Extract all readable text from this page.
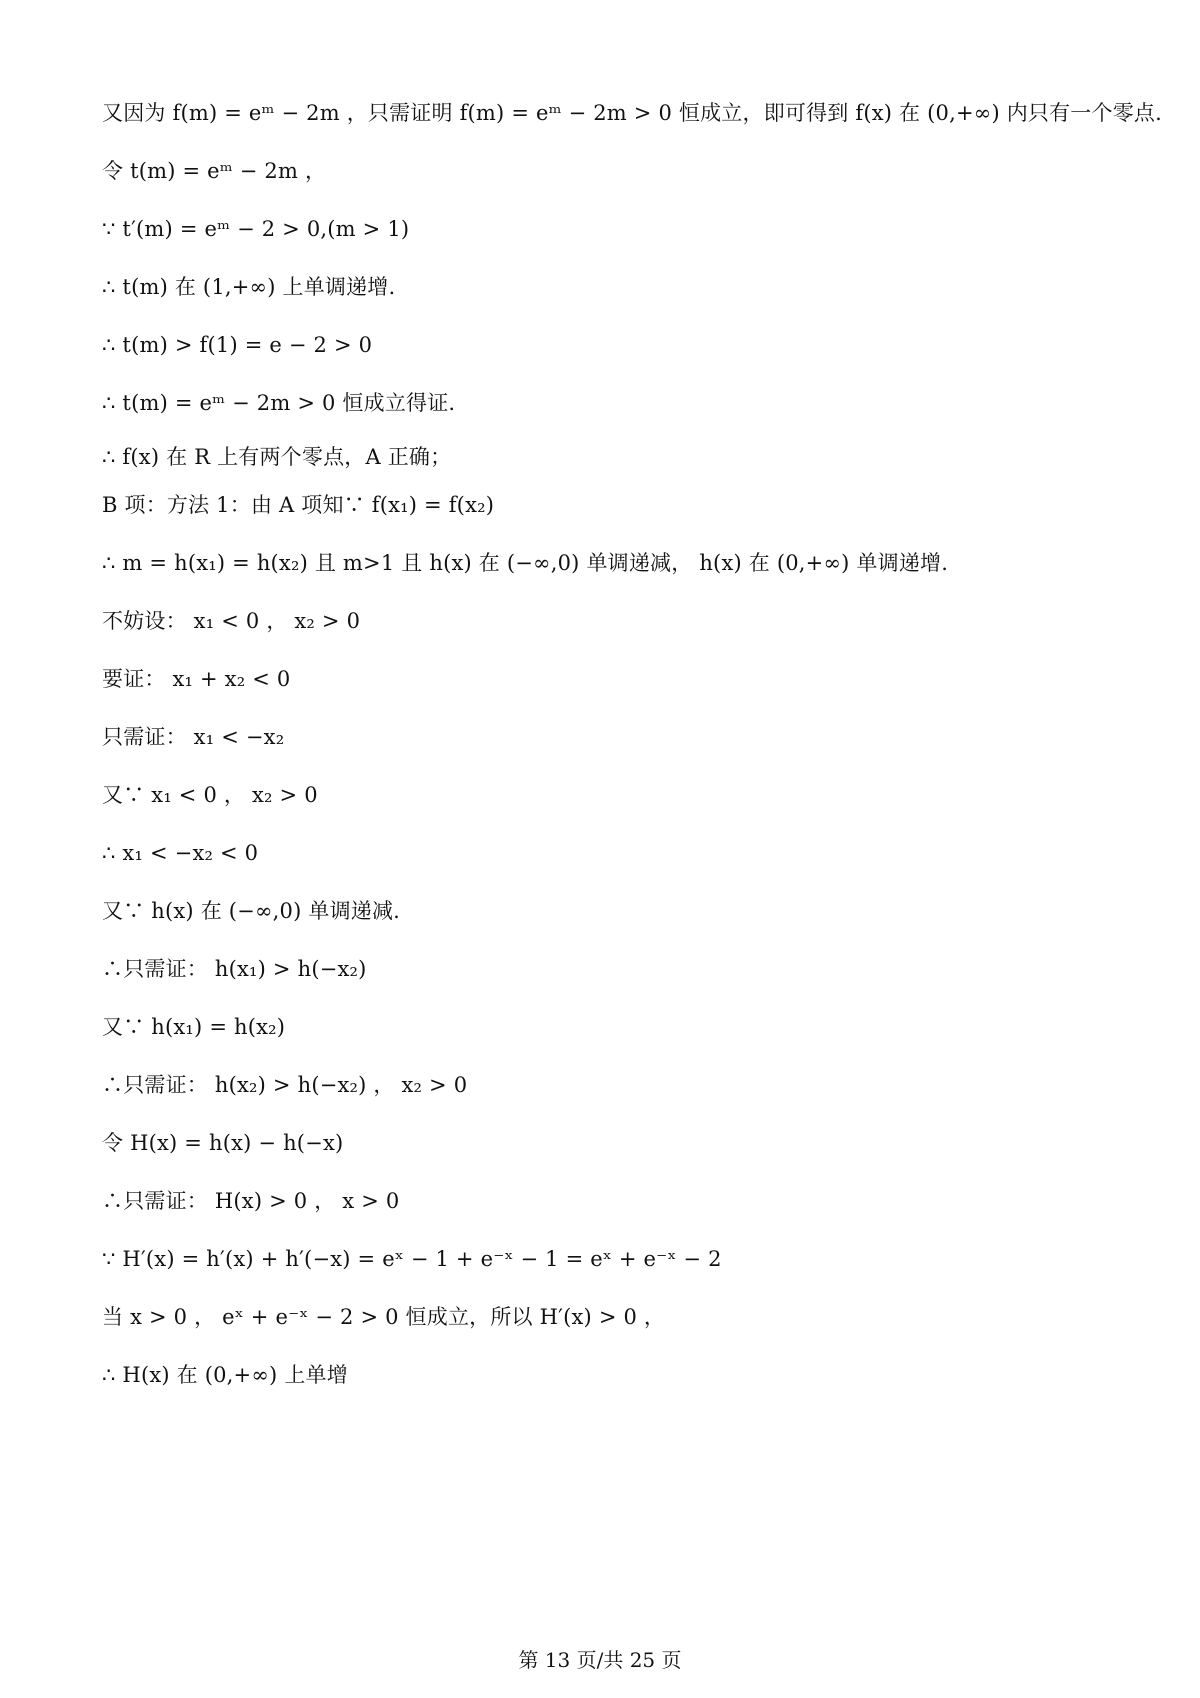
又因为 f(m) = eᵐ − 2m ，只需证明 f(m) = eᵐ − 2m > 0 恒成立，即可得到 f(x) 在 (0,+∞) 内只有一个零点.
令 t(m) = eᵐ − 2m ，
∵ t′(m) = eᵐ − 2 > 0,(m > 1)
∴ t(m) 在 (1,+∞) 上单调递增.
∴ t(m) > f(1) = e − 2 > 0
∴ t(m) = eᵐ − 2m > 0 恒成立得证.
∴ f(x) 在 R 上有两个零点，A 正确；
B 项：方法 1：由 A 项知∵ f(x₁) = f(x₂)
∴ m = h(x₁) = h(x₂) 且 m>1 且 h(x) 在 (−∞,0) 单调递减， h(x) 在 (0,+∞) 单调递增.
不妨设： x₁ < 0 ， x₂ > 0
要证： x₁ + x₂ < 0
只需证： x₁ < −x₂
又∵ x₁ < 0 ， x₂ > 0
∴ x₁ < −x₂ < 0
又∵ h(x) 在 (−∞,0) 单调递减.
∴只需证： h(x₁) > h(−x₂)
又∵ h(x₁) = h(x₂)
∴只需证： h(x₂) > h(−x₂) ， x₂ > 0
令 H(x) = h(x) − h(−x)
∴只需证： H(x) > 0 ， x > 0
∵ H′(x) = h′(x) + h′(−x) = eˣ − 1 + e⁻ˣ − 1 = eˣ + e⁻ˣ − 2
当 x > 0 ， eˣ + e⁻ˣ − 2 > 0 恒成立，所以 H′(x) > 0 ，
∴ H(x) 在 (0,+∞) 上单增
第 13 页/共 25 页
